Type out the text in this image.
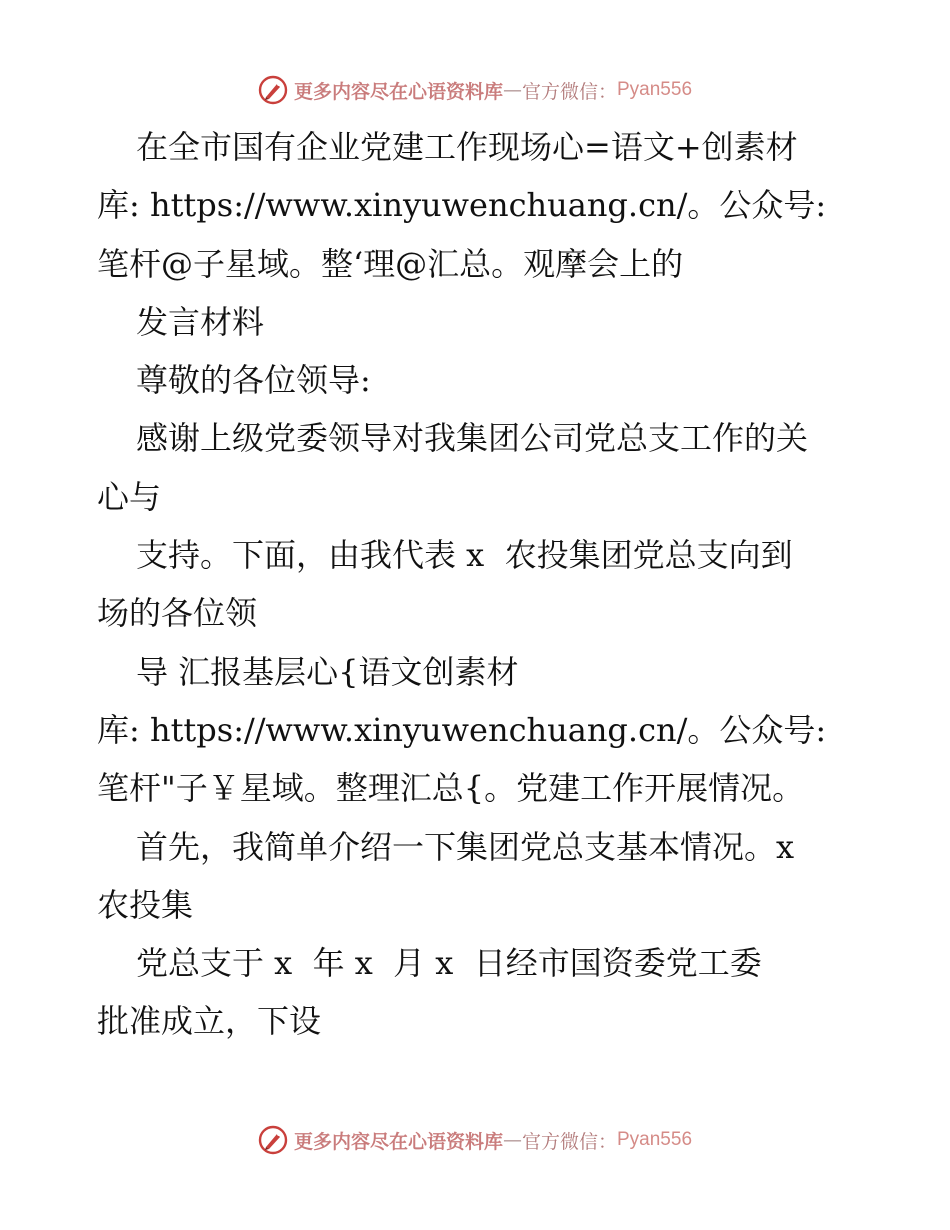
更多内容尽在心语资料库 — 官方微信： Pyan556
在全市国有企业党建工作现场心=语文+创素材
库: https://www.xinyuwenchuang.cn/。公众号:
笔杆@子星域。整‘理@汇总。观摩会上的
发言材料
尊敬的各位领导:
感谢上级党委领导对我集团公司党总支工作的关
心与
支持。下面，由我代表 x  农投集团党总支向到
场的各位领
导 汇报基层心{语文创素材
库: https://www.xinyuwenchuang.cn/。公众号:
笔杆"子￥星域。整理汇总{。党建工作开展情况。
首先，我简单介绍一下集团党总支基本情况。x
农投集
党总支于 x  年 x  月 x  日经市国资委党工委
批准成立，下设
更多内容尽在心语资料库 — 官方微信： Pyan556
